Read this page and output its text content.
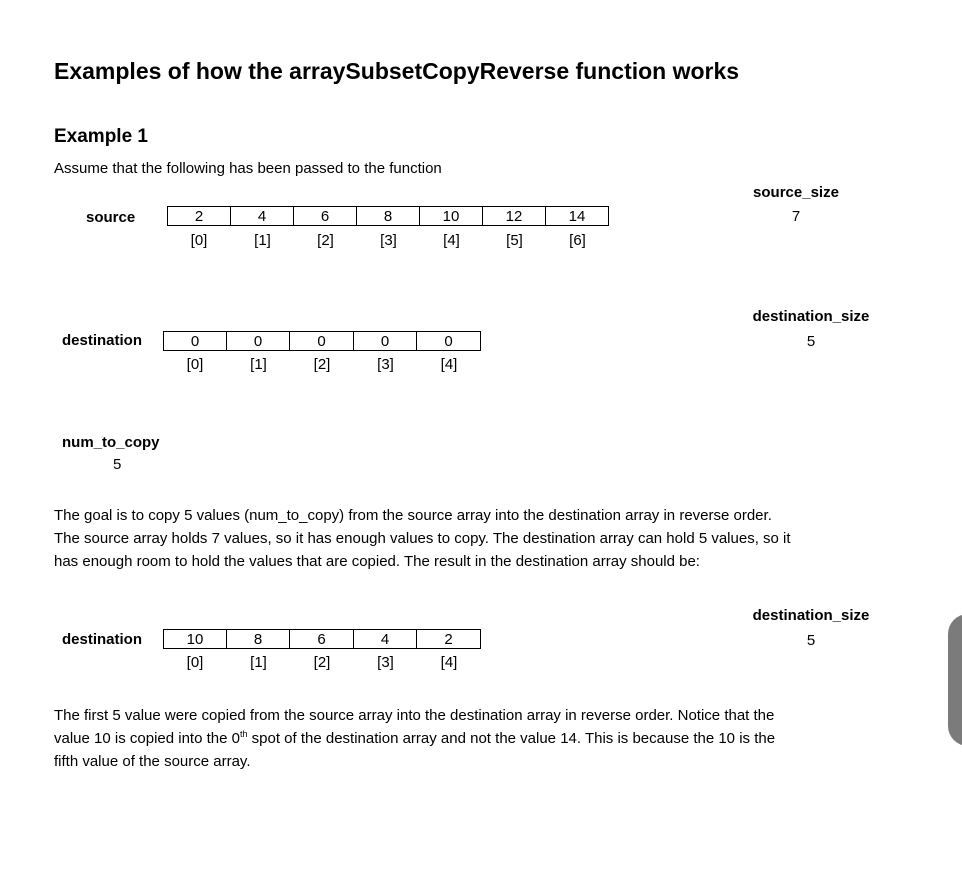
Examples of how the arraySubsetCopyReverse function works
Example 1
Assume that the following has been passed to the function
source	2	4	6	8	10	12	14
[0]	[1]	[2]	[3]	[4]	[5]	[6]
source_size
7
destination	0	0	0	0	0
[0]	[1]	[2]	[3]	[4]
destination_size
5
num_to_copy
5
The goal is to copy 5 values (num_to_copy) from the source array into the destination array in reverse order.
The source array holds 7 values, so it has enough values to copy. The destination array can hold 5 values, so it
has enough room to hold the values that are copied. The result in the destination array should be:
destination	10	8	6	4	2
[0]	[1]	[2]	[3]	[4]
destination_size
5
The first 5 value were copied from the source array into the destination array in reverse order. Notice that the
value 10 is copied into the 0th spot of the destination array and not the value 14. This is because the 10 is the
fifth value of the source array.
